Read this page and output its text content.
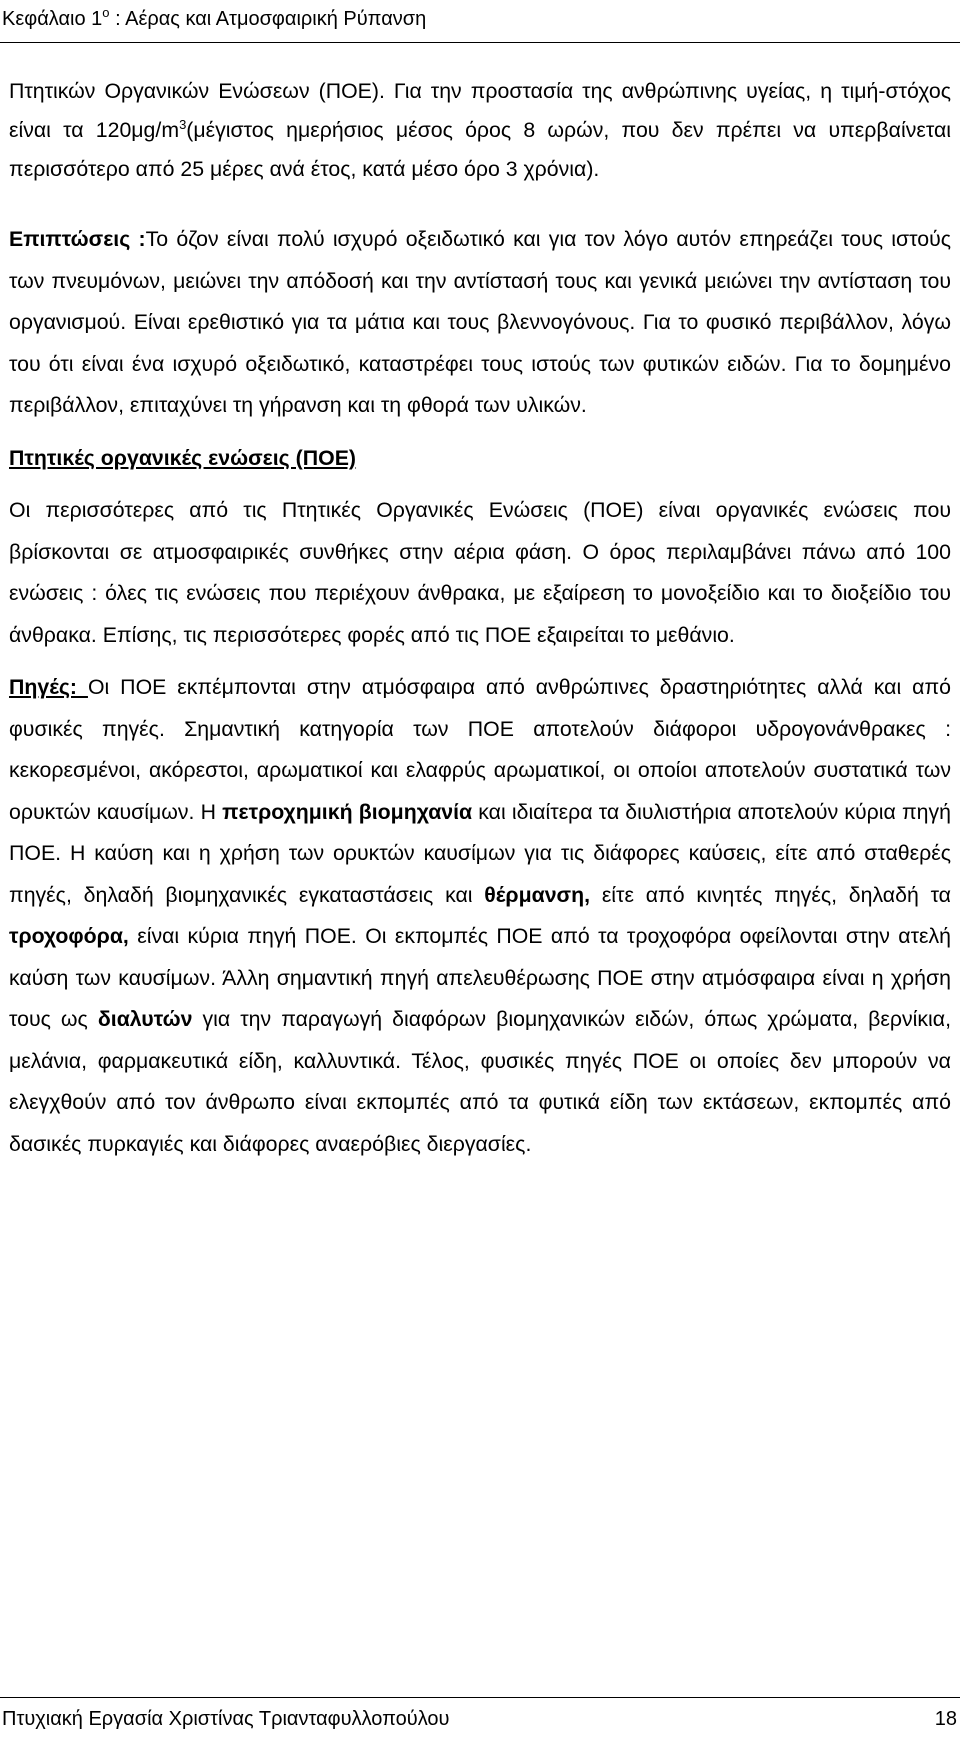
Κεφάλαιο $1^o$ : Αέρας και Ατμοσφαιρική Ρύπανση

Πτητικών Οργανικών Ενώσεων (ΠΟΕ). Για την προστασία της ανθρώπινης υγείας, η τιμή-στόχος είναι τα $120\mu g/m^3(\mu έ\gamma\iota\sigma\tau o\varsigma$ ημερήσιος μέσος όρος 8 ωρών, που δεν πρέπει να υπερβαίνεται περισσότερο από 25 μέρες ανά έτος, κατά μέσο όρο 3 χρόνια).

Επιπτώσεις :Το όζον είναι πολύ ισχυρό οξειδωτικό και για τον λόγο αυτόν επηρεάζει τους ιστούς των πνευμόνων, μειώνει την απόδοσή και την αντίστασή τους και γενικά μειώνει την αντίσταση του οργανισμού. Είναι ερεθιστικό για τα μάτια και τους βλεννογόνους. Για το φυσικό περιβάλλον, λόγω του ότι είναι ένα ισχυρό οξειδωτικό, καταστρέφει τους ιστούς των φυτικών ειδών. Για το δομημένο περιβάλλον, επιταχύνει τη γήρανση και τη φθορά των υλικών.

Πτητικές οργανικές ενώσεις (ΠΟΕ)

Οι περισσότερες από τις Πτητικές Οργανικές Ενώσεις (ΠΟΕ) είναι οργανικές ενώσεις που βρίσκονται σε ατμοσφαιρικές συνθήκες στην αέρια φάση. Ο όρος περιλαμβάνει πάνω από 100 ενώσεις : όλες τις ενώσεις που περιέχουν άνθρακα, με εξαίρεση το μονοξείδιο και το διοξείδιο του άνθρακα. Επίσης, τις περισσότερες φορές από τις ΠΟΕ εξαιρείται το μεθάνιο.

Πηγές: Οι ΠΟΕ εκπέμπονται στην ατμόσφαιρα από ανθρώπινες δραστηριότητες αλλά και από φυσικές πηγές. Σημαντική κατηγορία των ΠΟΕ αποτελούν διάφοροι υδρογονάνθρακες : κεκορεσμένοι, ακόρεστοι, αρωματικοί και ελαφρύς αρωματικοί, οι οποίοι αποτελούν συστατικά των ορυκτών καυσίμων. Η πετροχημική βιομηχανία και ιδιαίτερα τα διυλιστήρια αποτελούν κύρια πηγή ΠΟΕ. Η καύση και η χρήση των ορυκτών καυσίμων για τις διάφορες καύσεις, είτε από σταθερές πηγές, δηλαδή βιομηχανικές εγκαταστάσεις και θέρμανση, είτε από κινητές πηγές, δηλαδή τα τροχοφόρα, είναι κύρια πηγή ΠΟΕ. Οι εκπομπές ΠΟΕ από τα τροχοφόρα οφείλονται στην ατελή καύση των καυσίμων. Άλλη σημαντική πηγή απελευθέρωσης ΠΟΕ στην ατμόσφαιρα είναι η χρήση τους ως διαλυτών για την παραγωγή διαφόρων βιομηχανικών ειδών, όπως χρώματα, βερνίκια, μελάνια, φαρμακευτικά είδη, καλλυντικά. Τέλος, φυσικές πηγές ΠΟΕ οι οποίες δεν μπορούν να ελεγχθούν από τον άνθρωπο είναι εκπομπές από τα φυτικά είδη των εκτάσεων, εκπομπές από δασικές πυρκαγιές και διάφορες αναερόβιες διεργασίες.

Πτυχιακή Εργασία Χριστίνας Τριανταφυλλοπούλου	18
